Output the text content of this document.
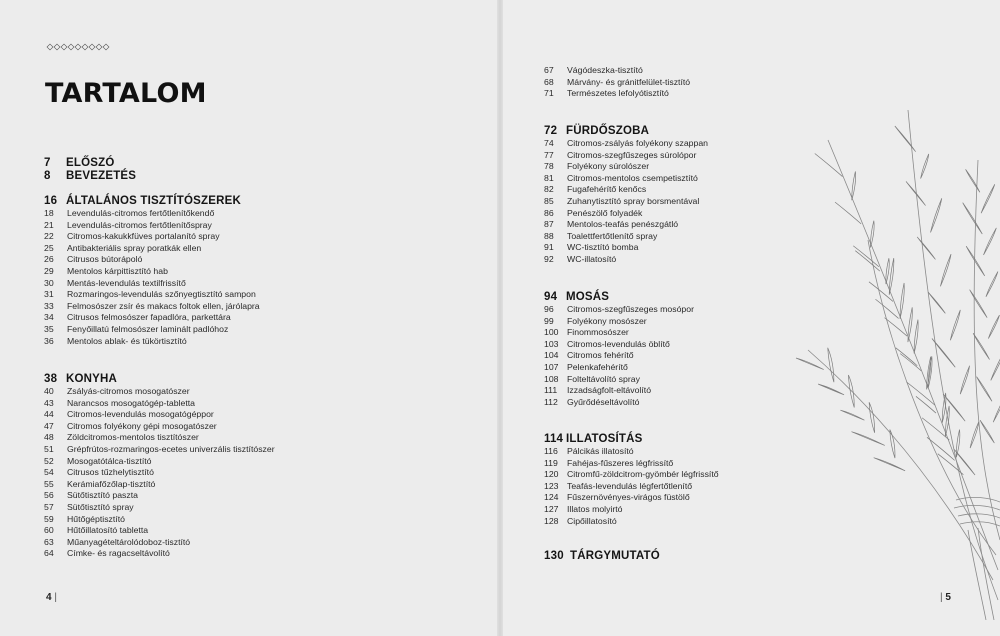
TARTALOM
7	ELŐSZÓ
8	BEVEZETÉS
16 ÁLTALÁNOS TISZTÍTÓSZEREK
18	Levendulás-citromos fertőtlenítőkendő
21	Levendulás-citromos fertőtlenítőspray
22	Citromos-kakukkfüves portalanító spray
25	Antibakteriális spray poratkák ellen
26	Citrusos bútorápoló
29	Mentolos kárpittisztító hab
30	Mentás-levendulás textilfrissítő
31	Rozmaringos-levendulás szőnyegtisztító sampon
33	Felmosószer zsír és makacs foltok ellen, járólapra
34	Citrusos felmosószer fapadlóra, parkettára
35	Fenyőillatú felmosószer laminált padlóhoz
36	Mentolos ablak- és tükörtisztító
38 KONYHA
40	Zsályás-citromos mosogatószer
43	Narancsos mosogatógép-tabletta
44	Citromos-levendulás mosogatógéppor
47	Citromos folyékony gépi mosogatószer
48	Zöldcitromos-mentolos tisztítószer
51	Grépfrútos-rozmaringos-ecetes univerzális tisztítószer
52	Mosogatótálca-tisztító
54	Citrusos tűzhelytisztító
55	Kerámiafőzőlap-tisztító
56	Sütőtisztító paszta
57	Sütőtisztító spray
59	Hűtőgéptisztító
60	Hűtőillatosító tabletta
63	Műanyagételtárolódoboz-tisztító
64	Címke- és ragacseltávolító
67	Vágódeszka-tisztító
68	Márvány- és gránitfelület-tisztító
71	Természetes lefolyótisztító
72 FÜRDŐSZOBA
74	Citromos-zsályás folyékony szappan
77	Citromos-szegfűszeges súrolópor
78	Folyékony súrolószer
81	Citromos-mentolos csempetisztító
82	Fugafehérítő kenőcs
85	Zuhanytisztító spray borsmentával
86	Penészölő folyadék
87	Mentolos-teafás penészgátló
88	Toalettfertőtlenítő spray
91	WC-tisztító bomba
92	WC-illatosító
94 MOSÁS
96	Citromos-szegfűszeges mosópor
99	Folyékony mosószer
100 Finommosószer
103 Citromos-levendulás öblítő
104 Citromos fehérítő
107 Pelenkafehérítő
108 Folteltávolító spray
111	Izzadságfolt-eltávolító
112	Gyűrődéseltávolító
114 ILLATOSÍTÁS
116	Pálcikás illatosító
119	Fahéjas-fűszeres légfrissítő
120 Citromfű-zöldcitrom-gyömbér légfrissítő
123 Teafás-levendulás légfertőtlenítő
124 Fűszernövényes-virágos füstölő
127 Illatos molyirtó
128 Cipőillatosító
130 TÁRGYMUTATÓ
4 |	| 5
